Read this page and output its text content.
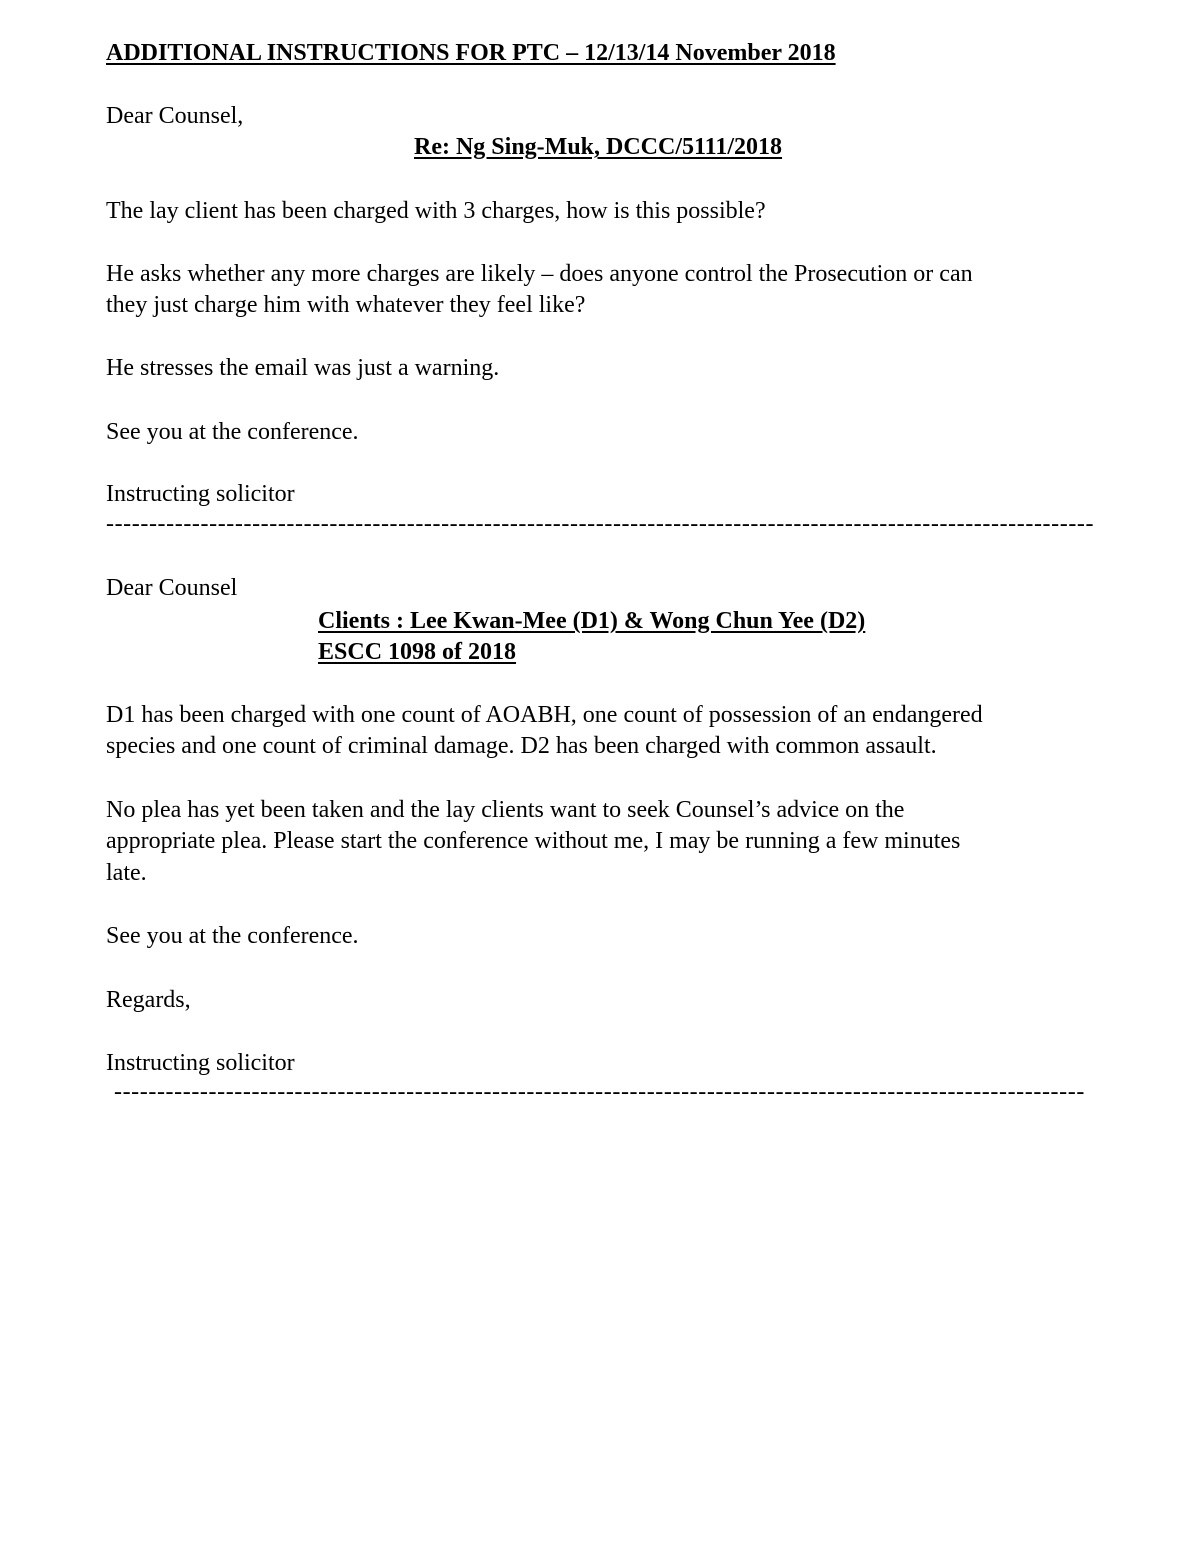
ADDITIONAL INSTRUCTIONS FOR PTC – 12/13/14 November 2018
Dear Counsel,
Re: Ng Sing-Muk, DCCC/5111/2018
The lay client has been charged with 3 charges, how is this possible?
He asks whether any more charges are likely – does anyone control the Prosecution or can
they just charge him with whatever they feel like?
He stresses the email was just a warning.
See you at the conference.
Instructing solicitor
-------------------------------------------------------------------------------------------------------------------
Dear Counsel
Clients : Lee Kwan-Mee (D1) & Wong Chun Yee (D2)
ESCC 1098 of 2018
D1 has been charged with one count of AOABH, one count of possession of an endangered
species and one count of criminal damage. D2 has been charged with common assault.
No plea has yet been taken and the lay clients want to seek Counsel’s advice on the
appropriate plea. Please start the conference without me, I may be running a few minutes
late.
See you at the conference.
Regards,
Instructing solicitor
-----------------------------------------------------------------------------------------------------------------
